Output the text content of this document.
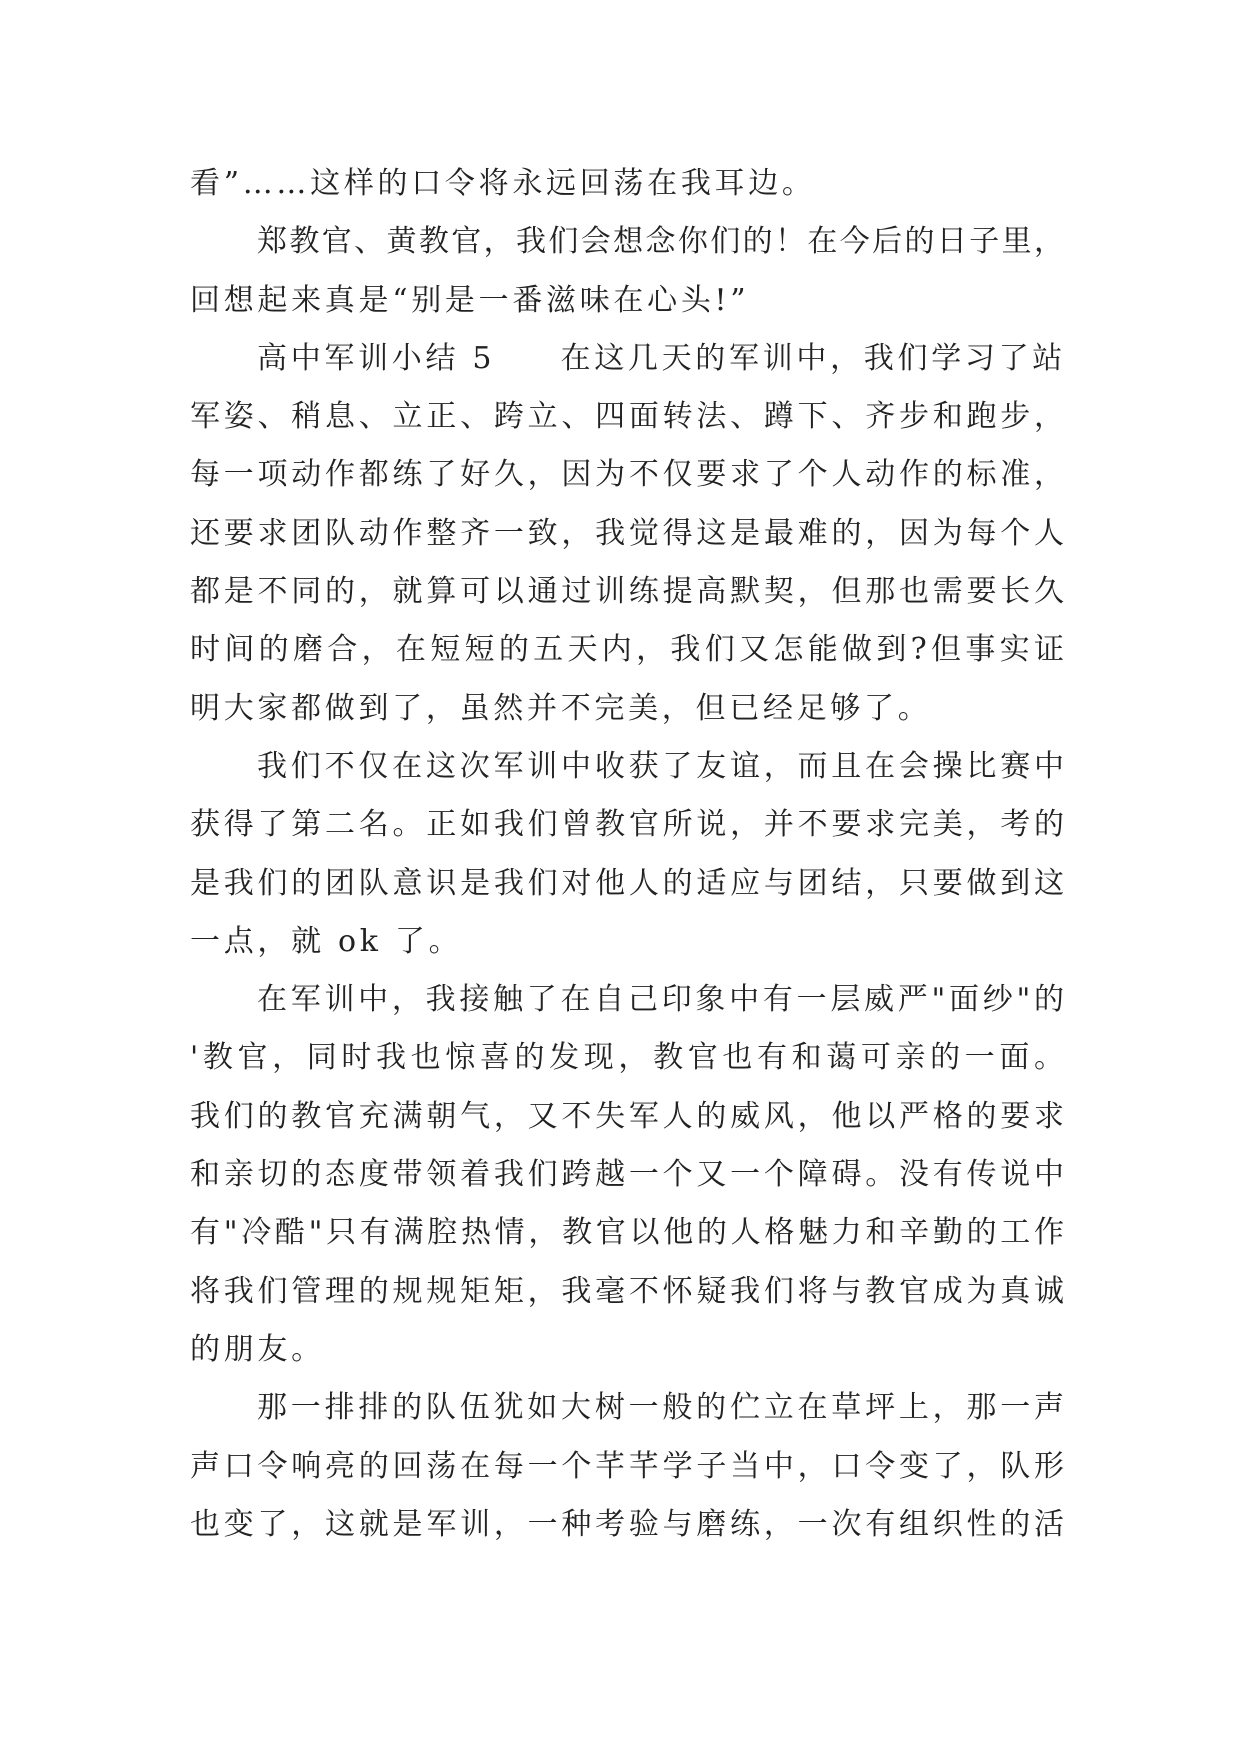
看”……这样的口令将永远回荡在我耳边。
郑教官、黄教官，我们会想念你们的！在今后的日子里，
回想起来真是“别是一番滋味在心头!”
高中军训小结 5 在这几天的军训中，我们学习了站
军姿、稍息、立正、跨立、四面转法、蹲下、齐步和跑步，
每一项动作都练了好久，因为不仅要求了个人动作的标准，
还要求团队动作整齐一致，我觉得这是最难的，因为每个人
都是不同的，就算可以通过训练提高默契，但那也需要长久
时间的磨合，在短短的五天内，我们又怎能做到?但事实证
明大家都做到了，虽然并不完美，但已经足够了。
我们不仅在这次军训中收获了友谊，而且在会操比赛中
获得了第二名。正如我们曾教官所说，并不要求完美，考的
是我们的团队意识是我们对他人的适应与团结，只要做到这
一点，就 ok 了。
在军训中，我接触了在自己印象中有一层威严"面纱"的
'教官，同时我也惊喜的发现，教官也有和蔼可亲的一面。
我们的教官充满朝气，又不失军人的威风，他以严格的要求
和亲切的态度带领着我们跨越一个又一个障碍。没有传说中
有"冷酷"只有满腔热情，教官以他的人格魅力和辛勤的工作
将我们管理的规规矩矩，我毫不怀疑我们将与教官成为真诚
的朋友。
那一排排的队伍犹如大树一般的伫立在草坪上，那一声
声口令响亮的回荡在每一个芊芊学子当中，口令变了，队形
也变了，这就是军训，一种考验与磨练，一次有组织性的活
